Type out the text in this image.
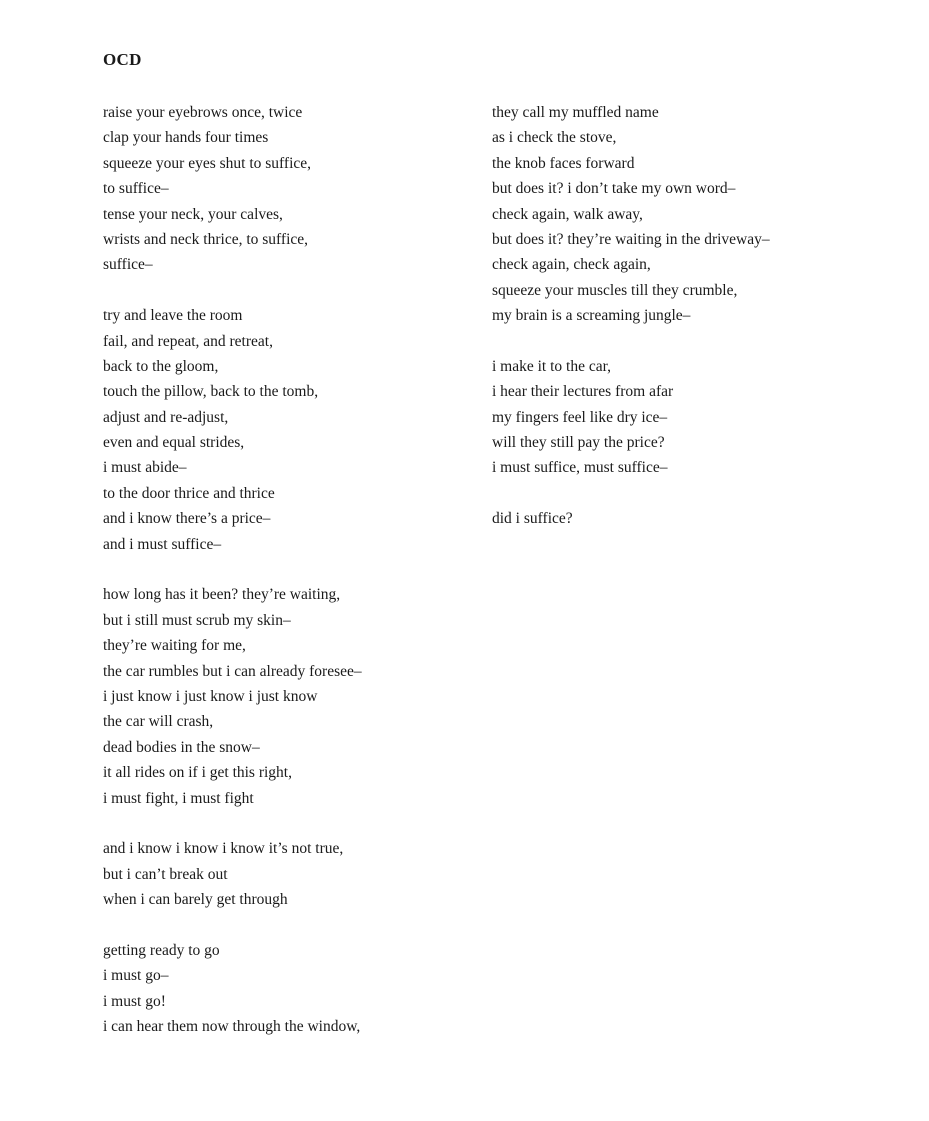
OCD
raise your eyebrows once, twice
clap your hands four times
squeeze your eyes shut to suffice,
to suffice–
tense your neck, your calves,
wrists and neck thrice, to suffice,
suffice–
try and leave the room
fail, and repeat, and retreat,
back to the gloom,
touch the pillow, back to the tomb,
adjust and re-adjust,
even and equal strides,
i must abide–
to the door thrice and thrice
and i know there’s a price–
and i must suffice–
how long has it been? they’re waiting,
but i still must scrub my skin–
they’re waiting for me,
the car rumbles but i can already foresee–
i just know i just know i just know
the car will crash,
dead bodies in the snow–
it all rides on if i get this right,
i must fight, i must fight
and i know i know i know it’s not true,
but i can’t break out
when i can barely get through
getting ready to go
i must go–
i must go!
i can hear them now through the window,
they call my muffled name
as i check the stove,
the knob faces forward
but does it? i don’t take my own word–
check again, walk away,
but does it? they’re waiting in the driveway–
check again, check again,
squeeze your muscles till they crumble,
my brain is a screaming jungle–
i make it to the car,
i hear their lectures from afar
my fingers feel like dry ice–
will they still pay the price?
i must suffice, must suffice–
did i suffice?
